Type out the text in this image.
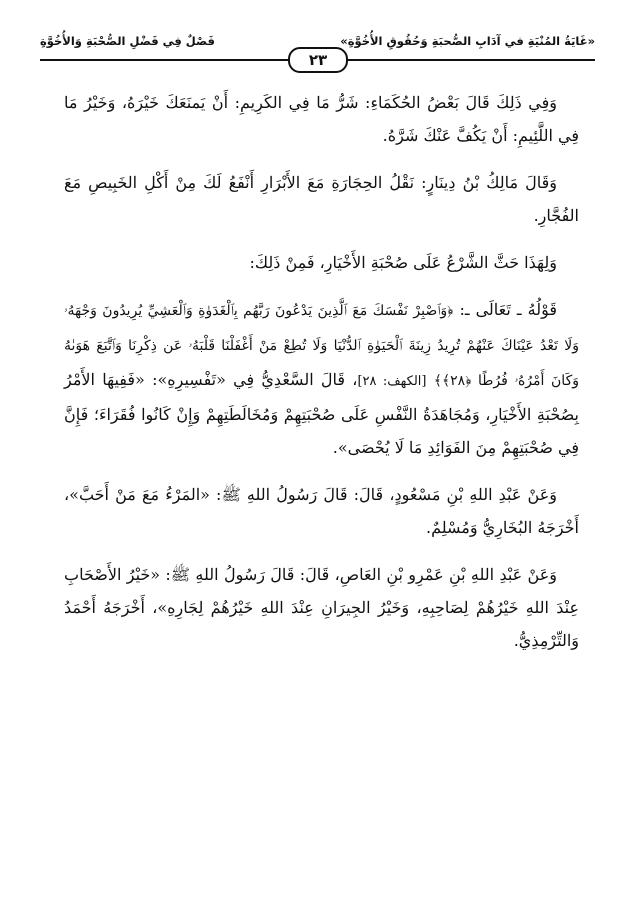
«غَايَةُ المُنْيَةِ في آدَابِ الصُّحبَةِ وَحُقُوقِ الأُخُوَّةِ»
فَصْلٌ فِي فَضْلِ الصُّحْبَةِ وَالأُخُوَّةِ
٢٣

وَفِي ذَلِكَ قَالَ بَعْضُ الحُكَمَاءِ: شَرُّ مَا فِي الكَرِيمِ: أَنْ يَمنَعَكَ خَيْرَهُ، وَخَيْرُ مَا فِي اللَّئِيمِ: أَنْ يَكُفَّ عَنْكَ شَرَّهُ.

وَقَالَ مَالِكُ بْنُ دِينَارٍ: نَقْلُ الحِجَارَةِ مَعَ الأَبْرَارِ أَنْفَعُ لَكَ مِنْ أَكْلِ الخَبِيصِ مَعَ الفُجَّارِ.

وَلِهَذَا حَثَّ الشَّرْعُ عَلَى صُحْبَةِ الأَخْيَارِ، فَمِنْ ذَلِكَ:

قَوْلُهُ ـ تَعَالَى ـ: ﴿وَٱصْبِرْ نَفْسَكَ مَعَ ٱلَّذِينَ يَدْعُونَ رَبَّهُم بِٱلْغَدَوٰةِ وَٱلْعَشِيِّ يُرِيدُونَ وَجْهَهُۥ وَلَا تَعْدُ عَيْنَاكَ عَنْهُمْ تُرِيدُ زِينَةَ ٱلْحَيَوٰةِ ٱلدُّنْيَا وَلَا تُطِعْ مَنْ أَغْفَلْنَا قَلْبَهُۥ عَن ذِكْرِنَا وَٱتَّبَعَ هَوَىٰهُ وَكَانَ أَمْرُهُۥ فُرُطًا ﴿٢٨﴾﴾ [الكهف: ٢٨]، قَالَ السَّعْدِيُّ فِي «تَفْسِيرِهِ»: «فَفِيهَا الأَمْرُ بِصُحْبَةِ الأَخْيَارِ، وَمُجَاهَدَةُ النَّفْسِ عَلَى صُحْبَتِهِمْ وَمُخَالَطَتِهِمْ وَإِنْ كَانُوا فُقَرَاءَ؛ فَإِنَّ فِي صُحْبَتِهِمْ مِنَ الفَوَائِدِ مَا لَا يُحْصَى».

وَعَنْ عَبْدِ اللهِ بْنِ مَسْعُودٍ، قَالَ: قَالَ رَسُولُ اللهِ ﷺ: «المَرْءُ مَعَ مَنْ أَحَبَّ»، أَخْرَجَهُ البُخَارِيُّ وَمُسْلِمٌ.

وَعَنْ عَبْدِ اللهِ بْنِ عَمْرِو بْنِ العَاصِ، قَالَ: قَالَ رَسُولُ اللهِ ﷺ: «خَيْرُ الأَصْحَابِ عِنْدَ اللهِ خَيْرُهُمْ لِصَاحِبِهِ، وَخَيْرُ الجِيرَانِ عِنْدَ اللهِ خَيْرُهُمْ لِجَارِهِ»، أَخْرَجَهُ أَحْمَدُ وَالتِّرْمِذِيُّ.
